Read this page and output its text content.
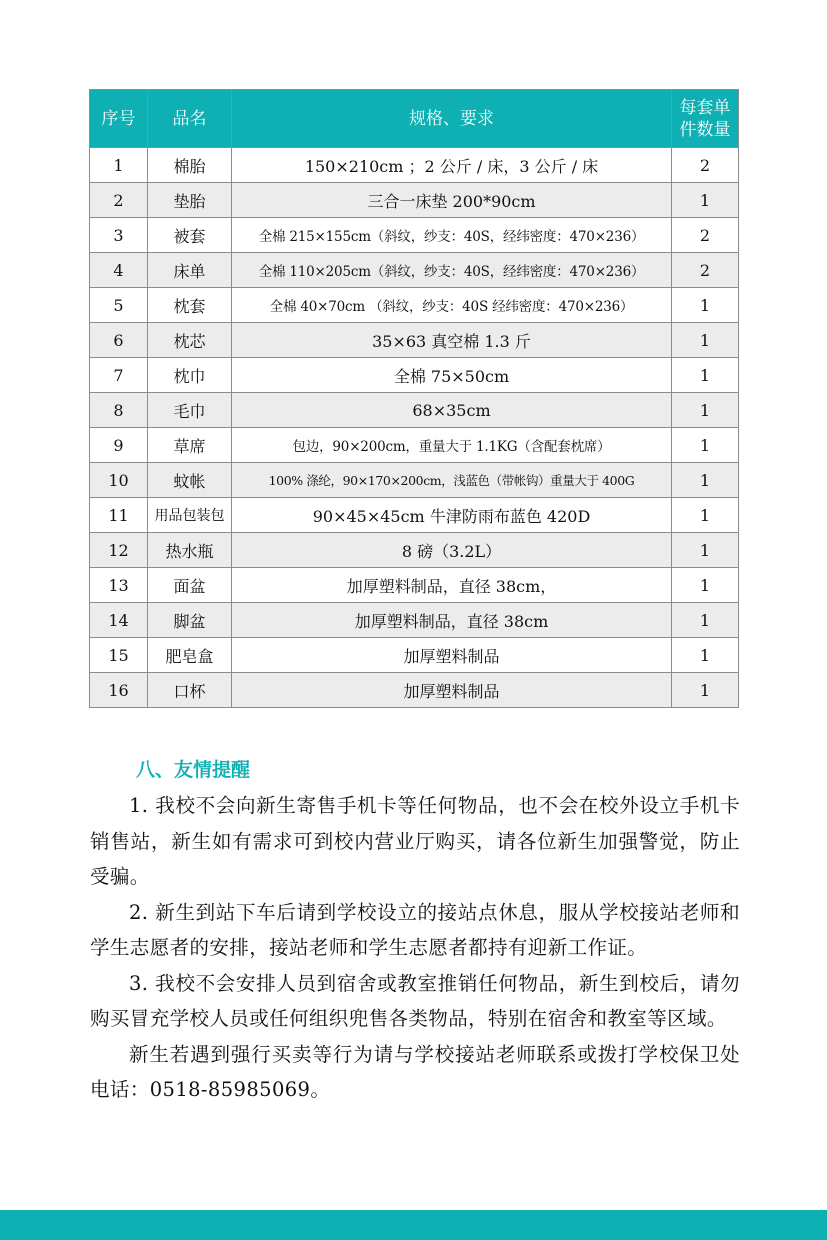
序号	品名	规格、要求	每套单件数量
1	棉胎	150×210cm ；2 公斤 / 床，3 公斤 / 床	2
2	垫胎	三合一床垫 200*90cm	1
3	被套	全棉 215×155cm（斜纹，纱支：40S，经纬密度：470×236）	2
4	床单	全棉 110×205cm（斜纹，纱支：40S，经纬密度：470×236）	2
5	枕套	全棉 40×70cm （斜纹，纱支：40S 经纬密度：470×236）	1
6	枕芯	35×63 真空棉 1.3 斤	1
7	枕巾	全棉 75×50cm	1
8	毛巾	68×35cm	1
9	草席	包边，90×200cm，重量大于 1.1KG（含配套枕席）	1
10	蚊帐	100% 涤纶，90×170×200cm，浅蓝色（带帐钩）重量大于 400G	1
11	用品包装包	90×45×45cm 牛津防雨布蓝色 420D	1
12	热水瓶	8 磅（3.2L）	1
13	面盆	加厚塑料制品，直径 38cm，	1
14	脚盆	加厚塑料制品，直径 38cm	1
15	肥皂盒	加厚塑料制品	1
16	口杯	加厚塑料制品	1
八、友情提醒

1. 我校不会向新生寄售手机卡等任何物品，也不会在校外设立手机卡销售站，新生如有需求可到校内营业厅购买，请各位新生加强警觉，防止受骗。

2. 新生到站下车后请到学校设立的接站点休息，服从学校接站老师和学生志愿者的安排，接站老师和学生志愿者都持有迎新工作证。

3. 我校不会安排人员到宿舍或教室推销任何物品，新生到校后，请勿购买冒充学校人员或任何组织兜售各类物品，特别在宿舍和教室等区域。

新生若遇到强行买卖等行为请与学校接站老师联系或拨打学校保卫处电话：0518-85985069。
